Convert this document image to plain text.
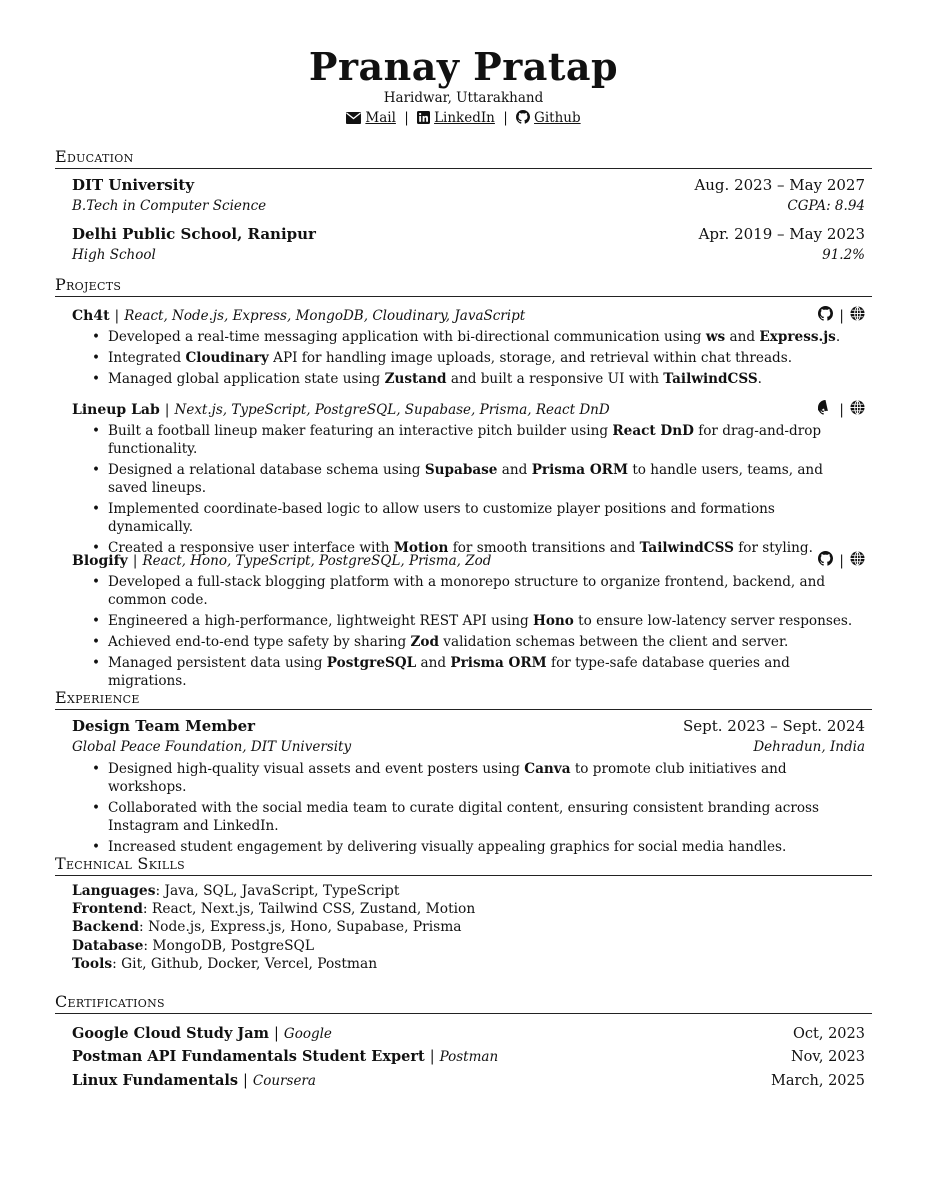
Pranay Pratap
Haridwar, Uttarakhand
Mail | LinkedIn | Github
Education
DIT University	Aug. 2023 – May 2027
B.Tech in Computer Science	CGPA: 8.94
Delhi Public School, Ranipur	Apr. 2019 – May 2023
High School	91.2%
Projects
Ch4t | React, Node.js, Express, MongoDB, Cloudinary, JavaScript	|
• Developed a real-time messaging application with bi-directional communication using ws and Express.js.
• Integrated Cloudinary API for handling image uploads, storage, and retrieval within chat threads.
• Managed global application state using Zustand and built a responsive UI with TailwindCSS.
Lineup Lab | Next.js, TypeScript, PostgreSQL, Supabase, Prisma, React DnD	|
• Built a football lineup maker featuring an interactive pitch builder using React DnD for drag-and-drop functionality.
• Designed a relational database schema using Supabase and Prisma ORM to handle users, teams, and saved lineups.
• Implemented coordinate-based logic to allow users to customize player positions and formations dynamically.
• Created a responsive user interface with Motion for smooth transitions and TailwindCSS for styling.
Blogify | React, Hono, TypeScript, PostgreSQL, Prisma, Zod	|
• Developed a full-stack blogging platform with a monorepo structure to organize frontend, backend, and common code.
• Engineered a high-performance, lightweight REST API using Hono to ensure low-latency server responses.
• Achieved end-to-end type safety by sharing Zod validation schemas between the client and server.
• Managed persistent data using PostgreSQL and Prisma ORM for type-safe database queries and migrations.
Experience
Design Team Member	Sept. 2023 – Sept. 2024
Global Peace Foundation, DIT University	Dehradun, India
• Designed high-quality visual assets and event posters using Canva to promote club initiatives and workshops.
• Collaborated with the social media team to curate digital content, ensuring consistent branding across Instagram and LinkedIn.
• Increased student engagement by delivering visually appealing graphics for social media handles.
Technical Skills
Languages: Java, SQL, JavaScript, TypeScript
Frontend: React, Next.js, Tailwind CSS, Zustand, Motion
Backend: Node.js, Express.js, Hono, Supabase, Prisma
Database: MongoDB, PostgreSQL
Tools: Git, Github, Docker, Vercel, Postman
Certifications
Google Cloud Study Jam | Google	Oct, 2023
Postman API Fundamentals Student Expert | Postman	Nov, 2023
Linux Fundamentals | Coursera	March, 2025
